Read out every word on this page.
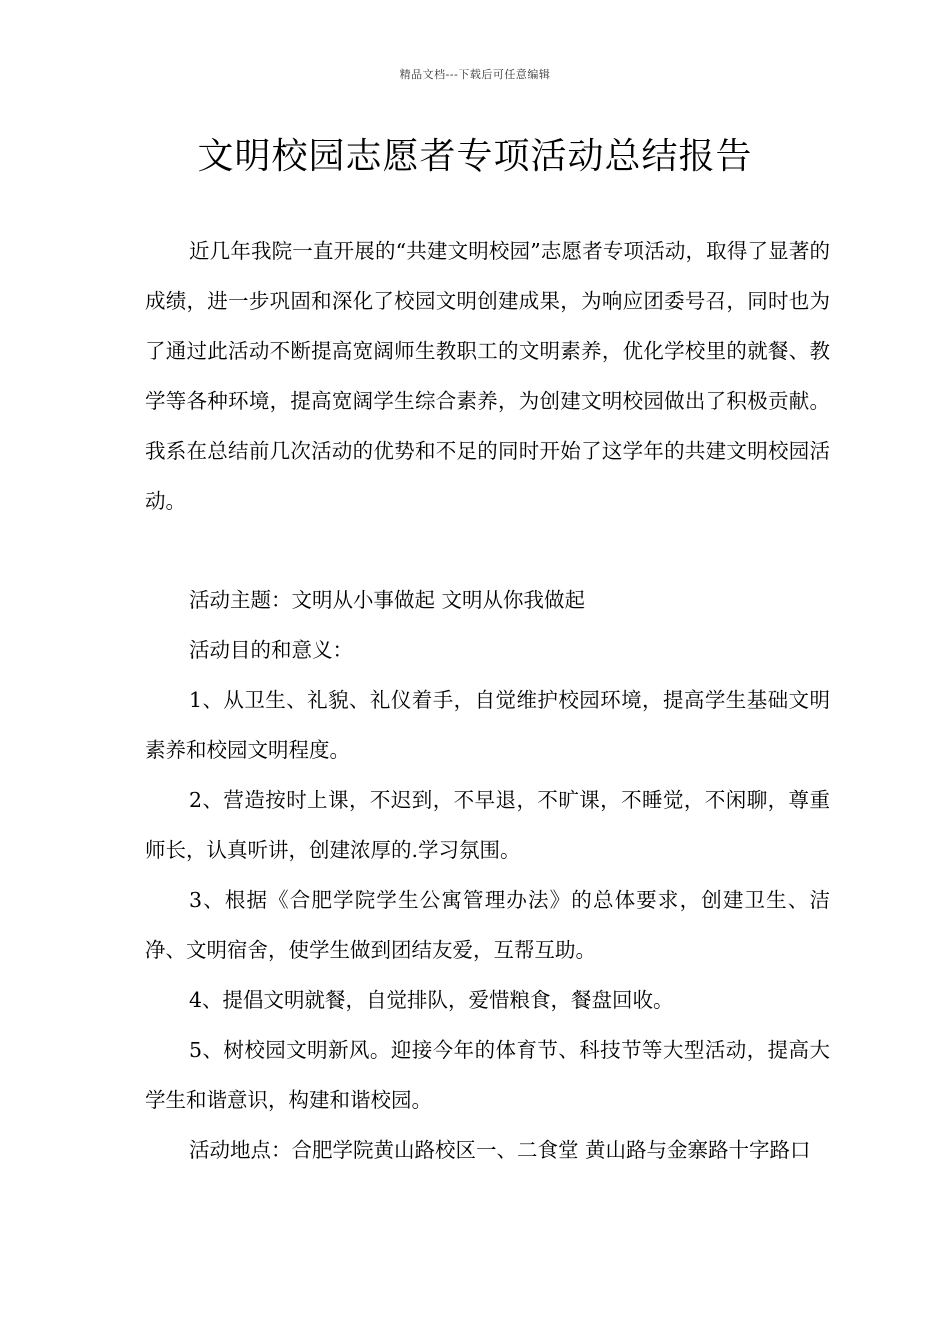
精品文档---下载后可任意编辑
文明校园志愿者专项活动总结报告

近几年我院一直开展的“共建文明校园”志愿者专项活动，取得了显著的成绩，进一步巩固和深化了校园文明创建成果，为响应团委号召，同时也为了通过此活动不断提高宽阔师生教职工的文明素养，优化学校里的就餐、教学等各种环境，提高宽阔学生综合素养，为创建文明校园做出了积极贡献。我系在总结前几次活动的优势和不足的同时开始了这学年的共建文明校园活动。

活动主题：文明从小事做起 文明从你我做起

活动目的和意义：

1、从卫生、礼貌、礼仪着手，自觉维护校园环境，提高学生基础文明素养和校园文明程度。

2、营造按时上课，不迟到，不早退，不旷课，不睡觉，不闲聊，尊重师长，认真听讲，创建浓厚的.学习氛围。

3、根据《合肥学院学生公寓管理办法》的总体要求，创建卫生、洁净、文明宿舍，使学生做到团结友爱，互帮互助。

4、提倡文明就餐，自觉排队，爱惜粮食，餐盘回收。

5、树校园文明新风。迎接今年的体育节、科技节等大型活动，提高大学生和谐意识，构建和谐校园。

活动地点：合肥学院黄山路校区一、二食堂 黄山路与金寨路十字路口
